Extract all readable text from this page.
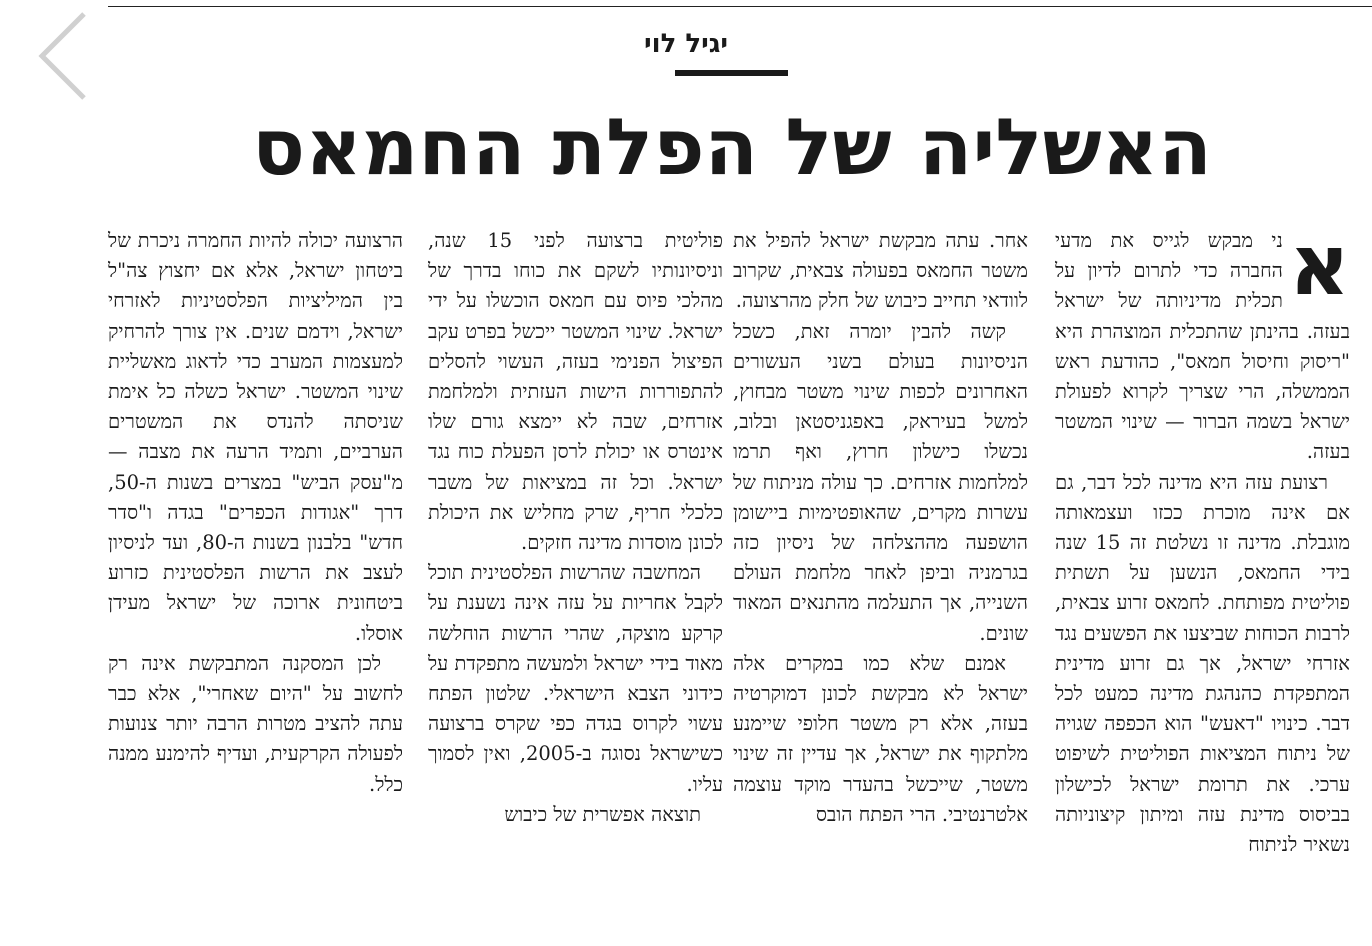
יגיל לוי
האשליה של הפלת החמאס
א

ני מבקש לגייס את מדעי החברה כדי לתרום לדיון על תכלית מדיניותה של ישראל בעזה. בהינתן שהתכלית המוצהרת היא "ריסוק וחיסול חמאס", כהודעת ראש הממשלה, הרי שצריך לקרוא לפעולת ישראל בשמה הברור — שינוי המשטר בעזה.

רצועת עזה היא מדינה לכל דבר, גם אם אינה מוכרת ככזו ועצמאותה מוגבלת. מדינה זו נשלטת זה 15 שנה בידי החמאס, הנשען על תשתית פוליטית מפותחת. לחמאס זרוע צבאית, לרבות הכוחות שביצעו את הפשעים נגד אזרחי ישראל, אך גם זרוע מדינית המתפקדת כהנהגת מדינה כמעט לכל דבר. כינויו "דאעש" הוא הכפפה שגויה של ניתוח המציאות הפוליטית לשיפוט ערכי. את תרומת ישראל לכישלון בביסוס מדינת עזה ומיתון קיצוניותה נשאיר לניתוח

אחר. עתה מבקשת ישראל להפיל את משטר החמאס בפעולה צבאית, שקרוב לוודאי תחייב כיבוש של חלק מהרצועה.

קשה להבין יומרה זאת, כשכל הניסיונות בעולם בשני העשורים האחרונים לכפות שינוי משטר מבחוץ, למשל בעיראק, באפגניסטאן ובלוב, נכשלו כישלון חרוץ, ואף תרמו למלחמות אזרחים. כך עולה מניתוח של עשרות מקרים, שהאופטימיות ביישומן הושפעה מההצלחה של ניסיון כזה בגרמניה וביפן לאחר מלחמת העולם השנייה, אך התעלמה מהתנאים המאוד שונים.

אמנם שלא כמו במקרים אלה ישראל לא מבקשת לכונן דמוקרטיה בעזה, אלא רק משטר חלופי שיימנע מלתקוף את ישראל, אך עדיין זה שינוי משטר, שייכשל בהעדר מוקד עוצמה אלטרנטיבי. הרי הפתח הובס

פוליטית ברצועה לפני 15 שנה, וניסיונותיו לשקם את כוחו בדרך של מהלכי פיוס עם חמאס הוכשלו על ידי ישראל. שינוי המשטר ייכשל בפרט עקב הפיצול הפנימי בעזה, העשוי להסלים להתפוררות הישות העזתית ולמלחמת אזרחים, שבה לא יימצא גורם שלו אינטרס או יכולת לרסן הפעלת כוח נגד ישראל. וכל זה במציאות של משבר כלכלי חריף, שרק מחליש את היכולת לכונן מוסדות מדינה חזקים.

המחשבה שהרשות הפלסטינית תוכל לקבל אחריות על עזה אינה נשענת על קרקע מוצקה, שהרי הרשות הוחלשה מאוד בידי ישראל ולמעשה מתפקדת על כידוני הצבא הישראלי. שלטון הפתח עשוי לקרוס בגדה כפי שקרס ברצועה כשישראל נסוגה ב-2005, ואין לסמוך עליו.

תוצאה אפשרית של כיבוש

הרצועה יכולה להיות החמרה ניכרת של ביטחון ישראל, אלא אם יחצוץ צה"ל בין המיליציות הפלסטיניות לאזרחי ישראל, וידמם שנים. אין צורך להרחיק למעצמות המערב כדי לדאוג מאשליית שינוי המשטר. ישראל כשלה כל אימת שניסתה להנדס את המשטרים הערביים, ותמיד הרעה את מצבה — מ"עסק הביש" במצרים בשנות ה-50, דרך "אגודות הכפרים" בגדה ו"סדר חדש" בלבנון בשנות ה-80, ועד לניסיון לעצב את הרשות הפלסטינית כזרוע ביטחונית ארוכה של ישראל מעידן אוסלו.

לכן המסקנה המתבקשת אינה רק לחשוב על "היום שאחרי", אלא כבר עתה להציב מטרות הרבה יותר צנועות לפעולה הקרקעית, ועדיף להימנע ממנה כלל.
